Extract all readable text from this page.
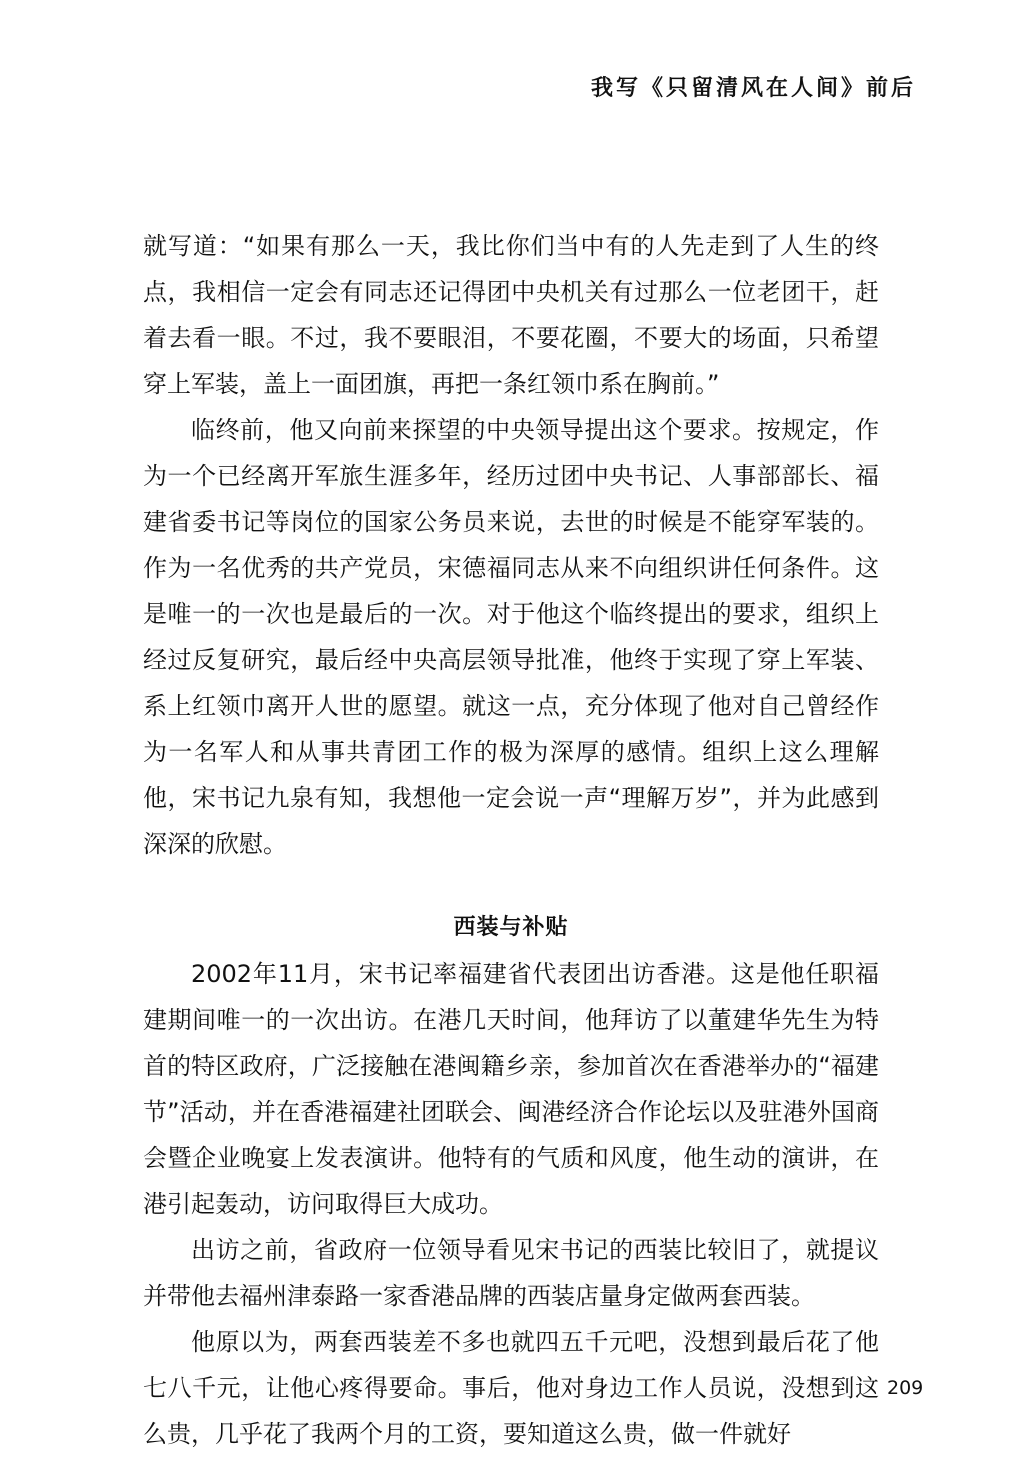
我写《只留清风在人间》前后

就写道：“如果有那么一天，我比你们当中有的人先走到了人生的终点，我相信一定会有同志还记得团中央机关有过那么一位老团干，赶着去看一眼。不过，我不要眼泪，不要花圈，不要大的场面，只希望穿上军装，盖上一面团旗，再把一条红领巾系在胸前。”

临终前，他又向前来探望的中央领导提出这个要求。按规定，作为一个已经离开军旅生涯多年，经历过团中央书记、人事部部长、福建省委书记等岗位的国家公务员来说，去世的时候是不能穿军装的。作为一名优秀的共产党员，宋德福同志从来不向组织讲任何条件。这是唯一的一次也是最后的一次。对于他这个临终提出的要求，组织上经过反复研究，最后经中央高层领导批准，他终于实现了穿上军装、系上红领巾离开人世的愿望。就这一点，充分体现了他对自己曾经作为一名军人和从事共青团工作的极为深厚的感情。组织上这么理解他，宋书记九泉有知，我想他一定会说一声“理解万岁”，并为此感到深深的欣慰。

西装与补贴

2002年11月，宋书记率福建省代表团出访香港。这是他任职福建期间唯一的一次出访。在港几天时间，他拜访了以董建华先生为特首的特区政府，广泛接触在港闽籍乡亲，参加首次在香港举办的“福建节”活动，并在香港福建社团联会、闽港经济合作论坛以及驻港外国商会暨企业晚宴上发表演讲。他特有的气质和风度，他生动的演讲，在港引起轰动，访问取得巨大成功。

出访之前，省政府一位领导看见宋书记的西装比较旧了，就提议并带他去福州津泰路一家香港品牌的西装店量身定做两套西装。

他原以为，两套西装差不多也就四五千元吧，没想到最后花了他七八千元，让他心疼得要命。事后，他对身边工作人员说，没想到这么贵，几乎花了我两个月的工资，要知道这么贵，做一件就好

209
